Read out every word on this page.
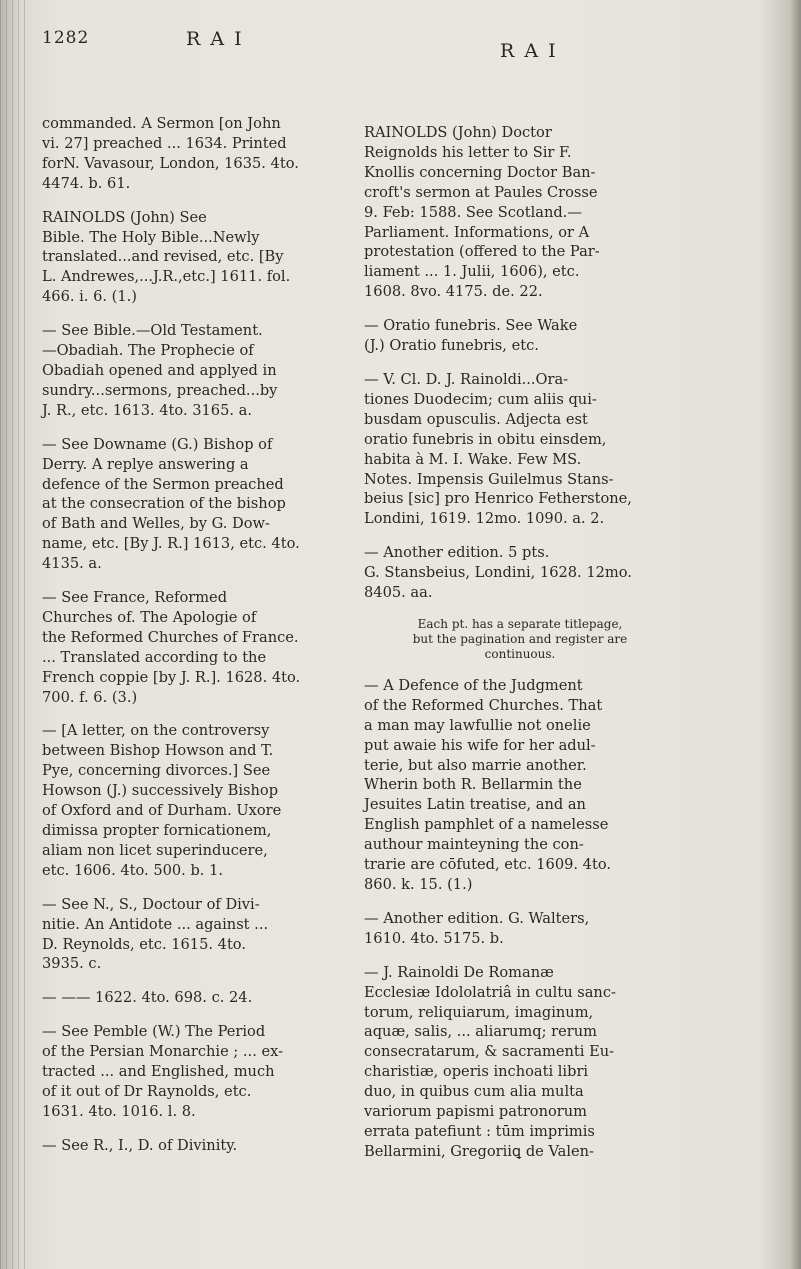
1282	R A I
R A I
commanded. A Sermon [on John
vi. 27] preached ... 1634. Printed
forN. Vavasour, London, 1635. 4to.
4474. b. 61.
RAINOLDS (John) See
Bible. The Holy Bible...Newly
translated...and revised, etc. [By
L. Andrewes,...J.R.,etc.] 1611. fol.
466. i. 6. (1.)
— See Bible.—Old Testament.
—Obadiah. The Prophecie of
Obadiah opened and applyed in
sundry...sermons, preached...by
J. R., etc. 1613. 4to. 3165. a.
— See Downame (G.) Bishop of
Derry. A replye answering a
defence of the Sermon preached
at the consecration of the bishop
of Bath and Welles, by G. Dow-
name, etc. [By J. R.] 1613, etc. 4to.
4135. a.
— See France, Reformed
Churches of. The Apologie of
the Reformed Churches of France.
... Translated according to the
French coppie [by J. R.]. 1628. 4to.
700. f. 6. (3.)
— [A letter, on the controversy
between Bishop Howson and T.
Pye, concerning divorces.] See
Howson (J.) successively Bishop
of Oxford and of Durham. Uxore
dimissa propter fornicationem,
aliam non licet superinducere,
etc. 1606. 4to. 500. b. 1.
— See N., S., Doctour of Divi-
nitie. An Antidote ... against ...
D. Reynolds, etc. 1615. 4to.
3935. c.
— —— 1622. 4to. 698. c. 24.
— See Pemble (W.) The Period
of the Persian Monarchie ; ... ex-
tracted ... and Englished, much
of it out of Dr Raynolds, etc.
1631. 4to. 1016. l. 8.
— See R., I., D. of Divinity.
RAINOLDS (John) Doctor
Reignolds his letter to Sir F.
Knollis concerning Doctor Ban-
croft's sermon at Paules Crosse
9. Feb: 1588. See Scotland.—
Parliament. Informations, or A
protestation (offered to the Par-
liament ... 1. Julii, 1606), etc.
1608. 8vo. 4175. de. 22.
— Oratio funebris. See Wake
(J.) Oratio funebris, etc.
— V. Cl. D. J. Rainoldi...Ora-
tiones Duodecim; cum aliis qui-
busdam opusculis. Adjecta est
oratio funebris in obitu einsdem,
habita à M. I. Wake. Few MS.
Notes. Impensis Guilelmus Stans-
beius [sic] pro Henrico Fetherstone,
Londini, 1619. 12mo. 1090. a. 2.
— Another edition. 5 pts.
G. Stansbeius, Londini, 1628. 12mo.
8405. aa.
Each pt. has a separate titlepage,
but the pagination and register are
continuous.
— A Defence of the Judgment
of the Reformed Churches. That
a man may lawfullie not onelie
put awaie his wife for her adul-
terie, but also marrie another.
Wherin both R. Bellarmin the
Jesuites Latin treatise, and an
English pamphlet of a namelesse
authour mainteyning the con-
trarie are cōfuted, etc. 1609. 4to.
860. k. 15. (1.)
— Another edition. G. Walters,
1610. 4to. 5175. b.
— J. Rainoldi De Romanæ
Ecclesiæ Idololatriâ in cultu sanc-
torum, reliquiarum, imaginum,
aquæ, salis, ... aliarumq; rerum
consecratarum, & sacramenti Eu-
charistiæ, operis inchoati libri
duo, in quibus cum alia multa
variorum papismi patronorum
errata patefiunt : tūm imprimis
Bellarmini, Gregoriiꝗ de Valen-
